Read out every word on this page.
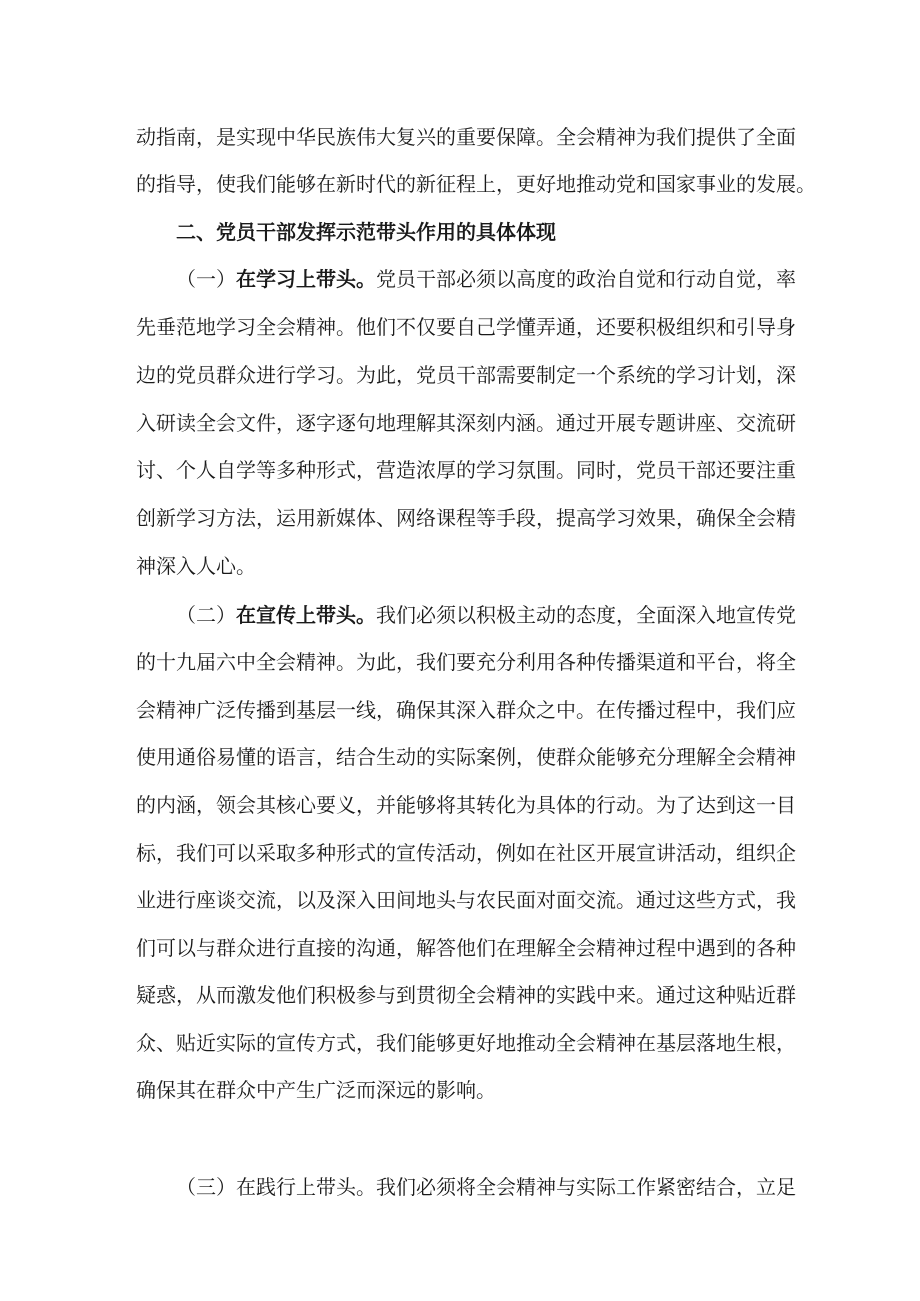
动指南，是实现中华民族伟大复兴的重要保障。全会精神为我们提供了全面
的指导，使我们能够在新时代的新征程上，更好地推动党和国家事业的发展。
二、党员干部发挥示范带头作用的具体体现
（一）在学习上带头。党员干部必须以高度的政治自觉和行动自觉，率
先垂范地学习全会精神。他们不仅要自己学懂弄通，还要积极组织和引导身
边的党员群众进行学习。为此，党员干部需要制定一个系统的学习计划，深
入研读全会文件，逐字逐句地理解其深刻内涵。通过开展专题讲座、交流研
讨、个人自学等多种形式，营造浓厚的学习氛围。同时，党员干部还要注重
创新学习方法，运用新媒体、网络课程等手段，提高学习效果，确保全会精
神深入人心。
（二）在宣传上带头。我们必须以积极主动的态度，全面深入地宣传党
的十九届六中全会精神。为此，我们要充分利用各种传播渠道和平台，将全
会精神广泛传播到基层一线，确保其深入群众之中。在传播过程中，我们应
使用通俗易懂的语言，结合生动的实际案例，使群众能够充分理解全会精神
的内涵，领会其核心要义，并能够将其转化为具体的行动。为了达到这一目
标，我们可以采取多种形式的宣传活动，例如在社区开展宣讲活动，组织企
业进行座谈交流，以及深入田间地头与农民面对面交流。通过这些方式，我
们可以与群众进行直接的沟通，解答他们在理解全会精神过程中遇到的各种
疑惑，从而激发他们积极参与到贯彻全会精神的实践中来。通过这种贴近群
众、贴近实际的宣传方式，我们能够更好地推动全会精神在基层落地生根，
确保其在群众中产生广泛而深远的影响。
（三）在践行上带头。我们必须将全会精神与实际工作紧密结合，立足
